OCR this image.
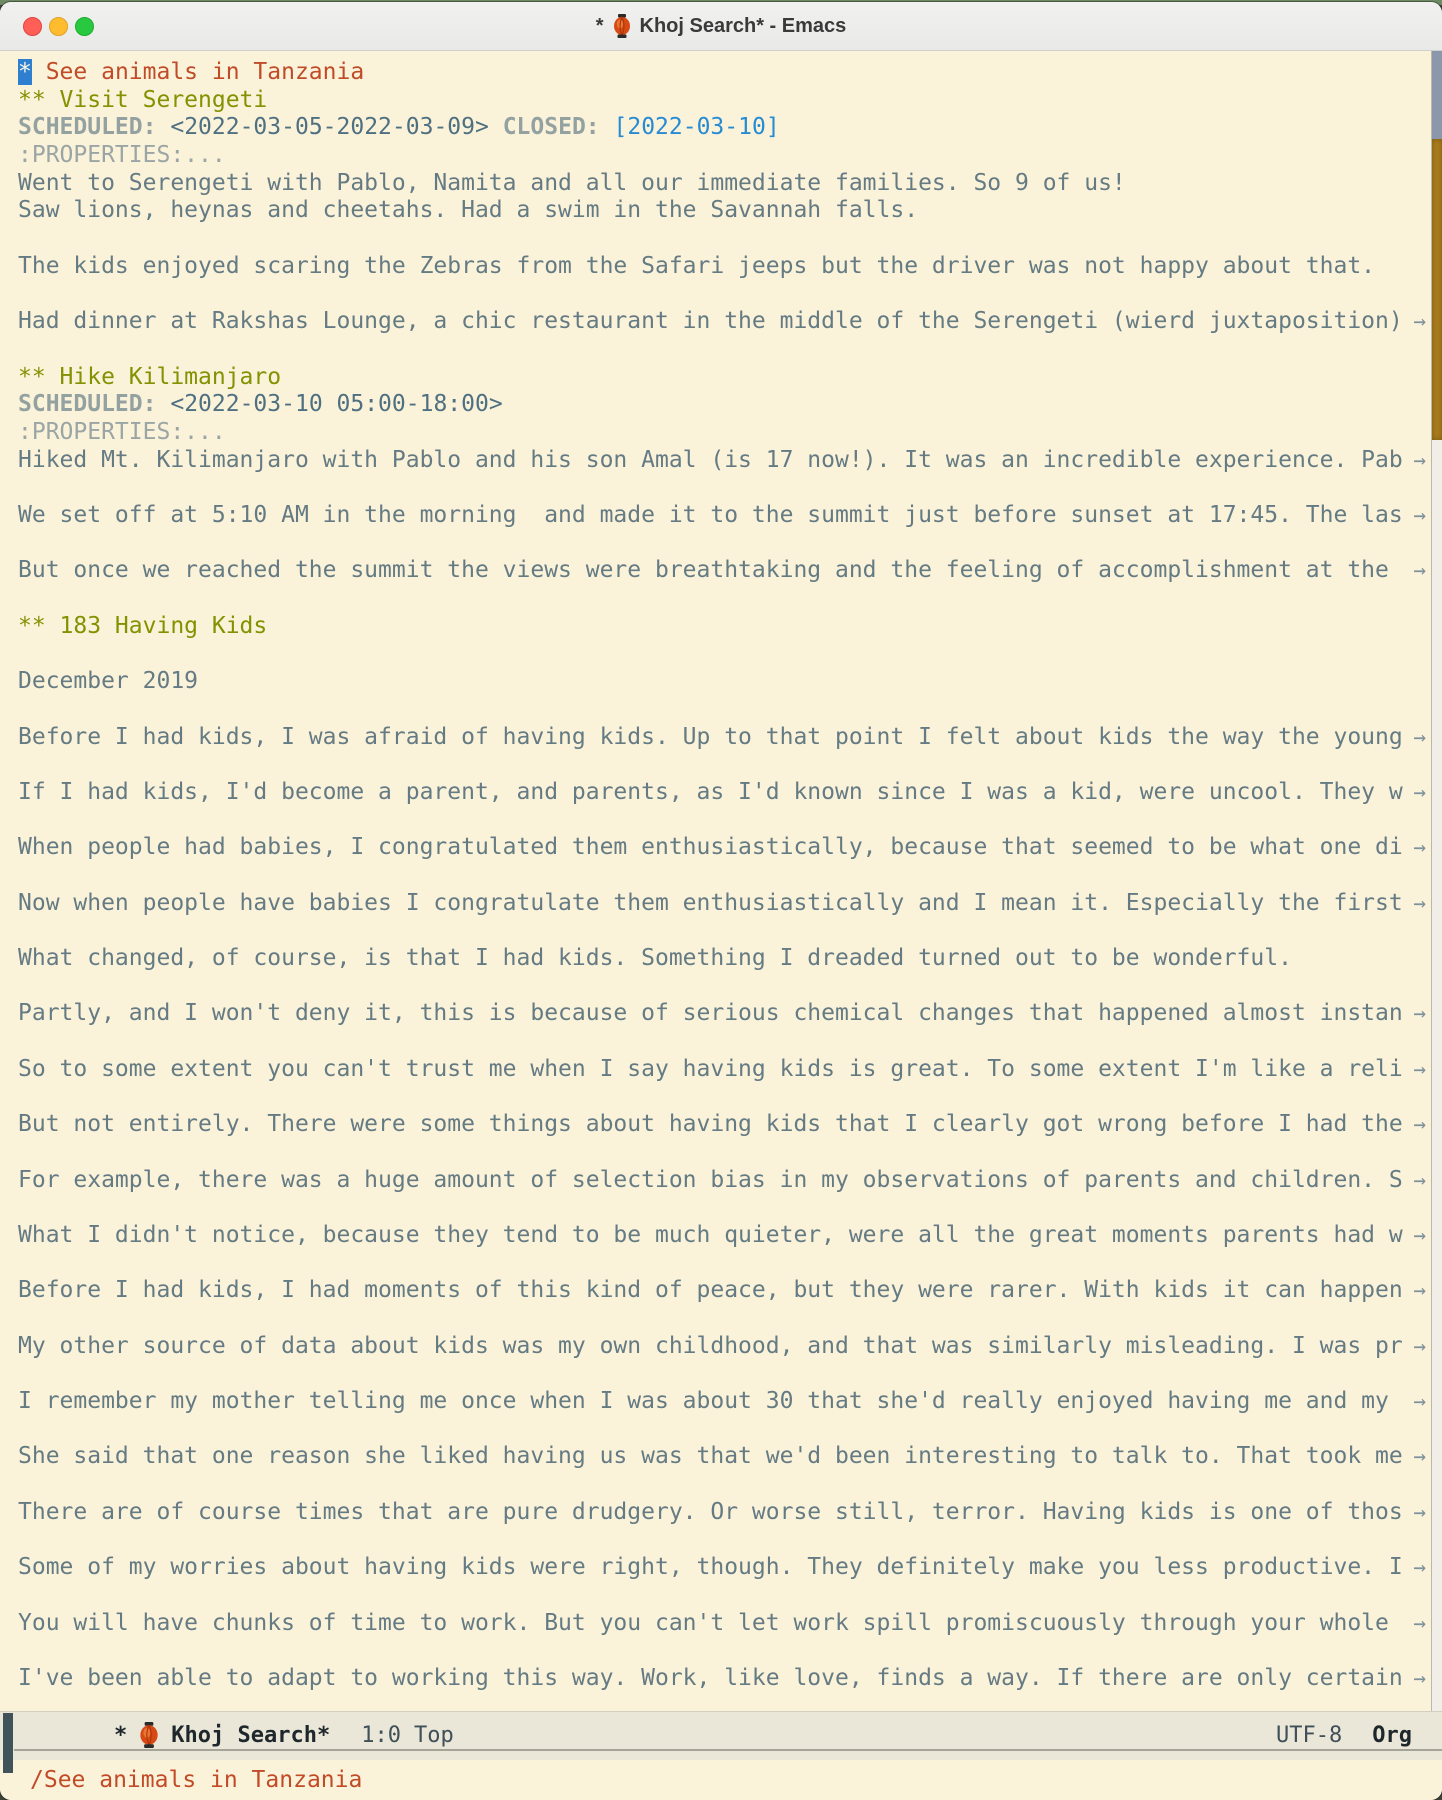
* Khoj Search* - Emacs
* See animals in Tanzania
** Visit Serengeti
SCHEDULED: <2022-03-05-2022-03-09> CLOSED: [2022-03-10]
:PROPERTIES:...
Went to Serengeti with Pablo, Namita and all our immediate families. So 9 of us!
Saw lions, heynas and cheetahs. Had a swim in the Savannah falls.
The kids enjoyed scaring the Zebras from the Safari jeeps but the driver was not happy about that.
Had dinner at Rakshas Lounge, a chic restaurant in the middle of the Serengeti (wierd juxtaposition) →
** Hike Kilimanjaro
SCHEDULED: <2022-03-10 05:00-18:00>
:PROPERTIES:...
Hiked Mt. Kilimanjaro with Pablo and his son Amal (is 17 now!). It was an incredible experience. Pab →
We set off at 5:10 AM in the morning  and made it to the summit just before sunset at 17:45. The las →
But once we reached the summit the views were breathtaking and the feeling of accomplishment at the →
** 183 Having Kids
December 2019
Before I had kids, I was afraid of having kids. Up to that point I felt about kids the way the young →
If I had kids, I'd become a parent, and parents, as I'd known since I was a kid, were uncool. They w →
When people had babies, I congratulated them enthusiastically, because that seemed to be what one di →
Now when people have babies I congratulate them enthusiastically and I mean it. Especially the first →
What changed, of course, is that I had kids. Something I dreaded turned out to be wonderful.
Partly, and I won't deny it, this is because of serious chemical changes that happened almost instan →
So to some extent you can't trust me when I say having kids is great. To some extent I'm like a reli →
But not entirely. There were some things about having kids that I clearly got wrong before I had the →
For example, there was a huge amount of selection bias in my observations of parents and children. S →
What I didn't notice, because they tend to be much quieter, were all the great moments parents had w →
Before I had kids, I had moments of this kind of peace, but they were rarer. With kids it can happen →
My other source of data about kids was my own childhood, and that was similarly misleading. I was pr →
I remember my mother telling me once when I was about 30 that she'd really enjoyed having me and my →
She said that one reason she liked having us was that we'd been interesting to talk to. That took me →
There are of course times that are pure drudgery. Or worse still, terror. Having kids is one of thos →
Some of my worries about having kids were right, though. They definitely make you less productive. I →
You will have chunks of time to work. But you can't let work spill promiscuously through your whole →
I've been able to adapt to working this way. Work, like love, finds a way. If there are only certain →
* Khoj Search* 1:0 Top	UTF-8 Org
/See animals in Tanzania
